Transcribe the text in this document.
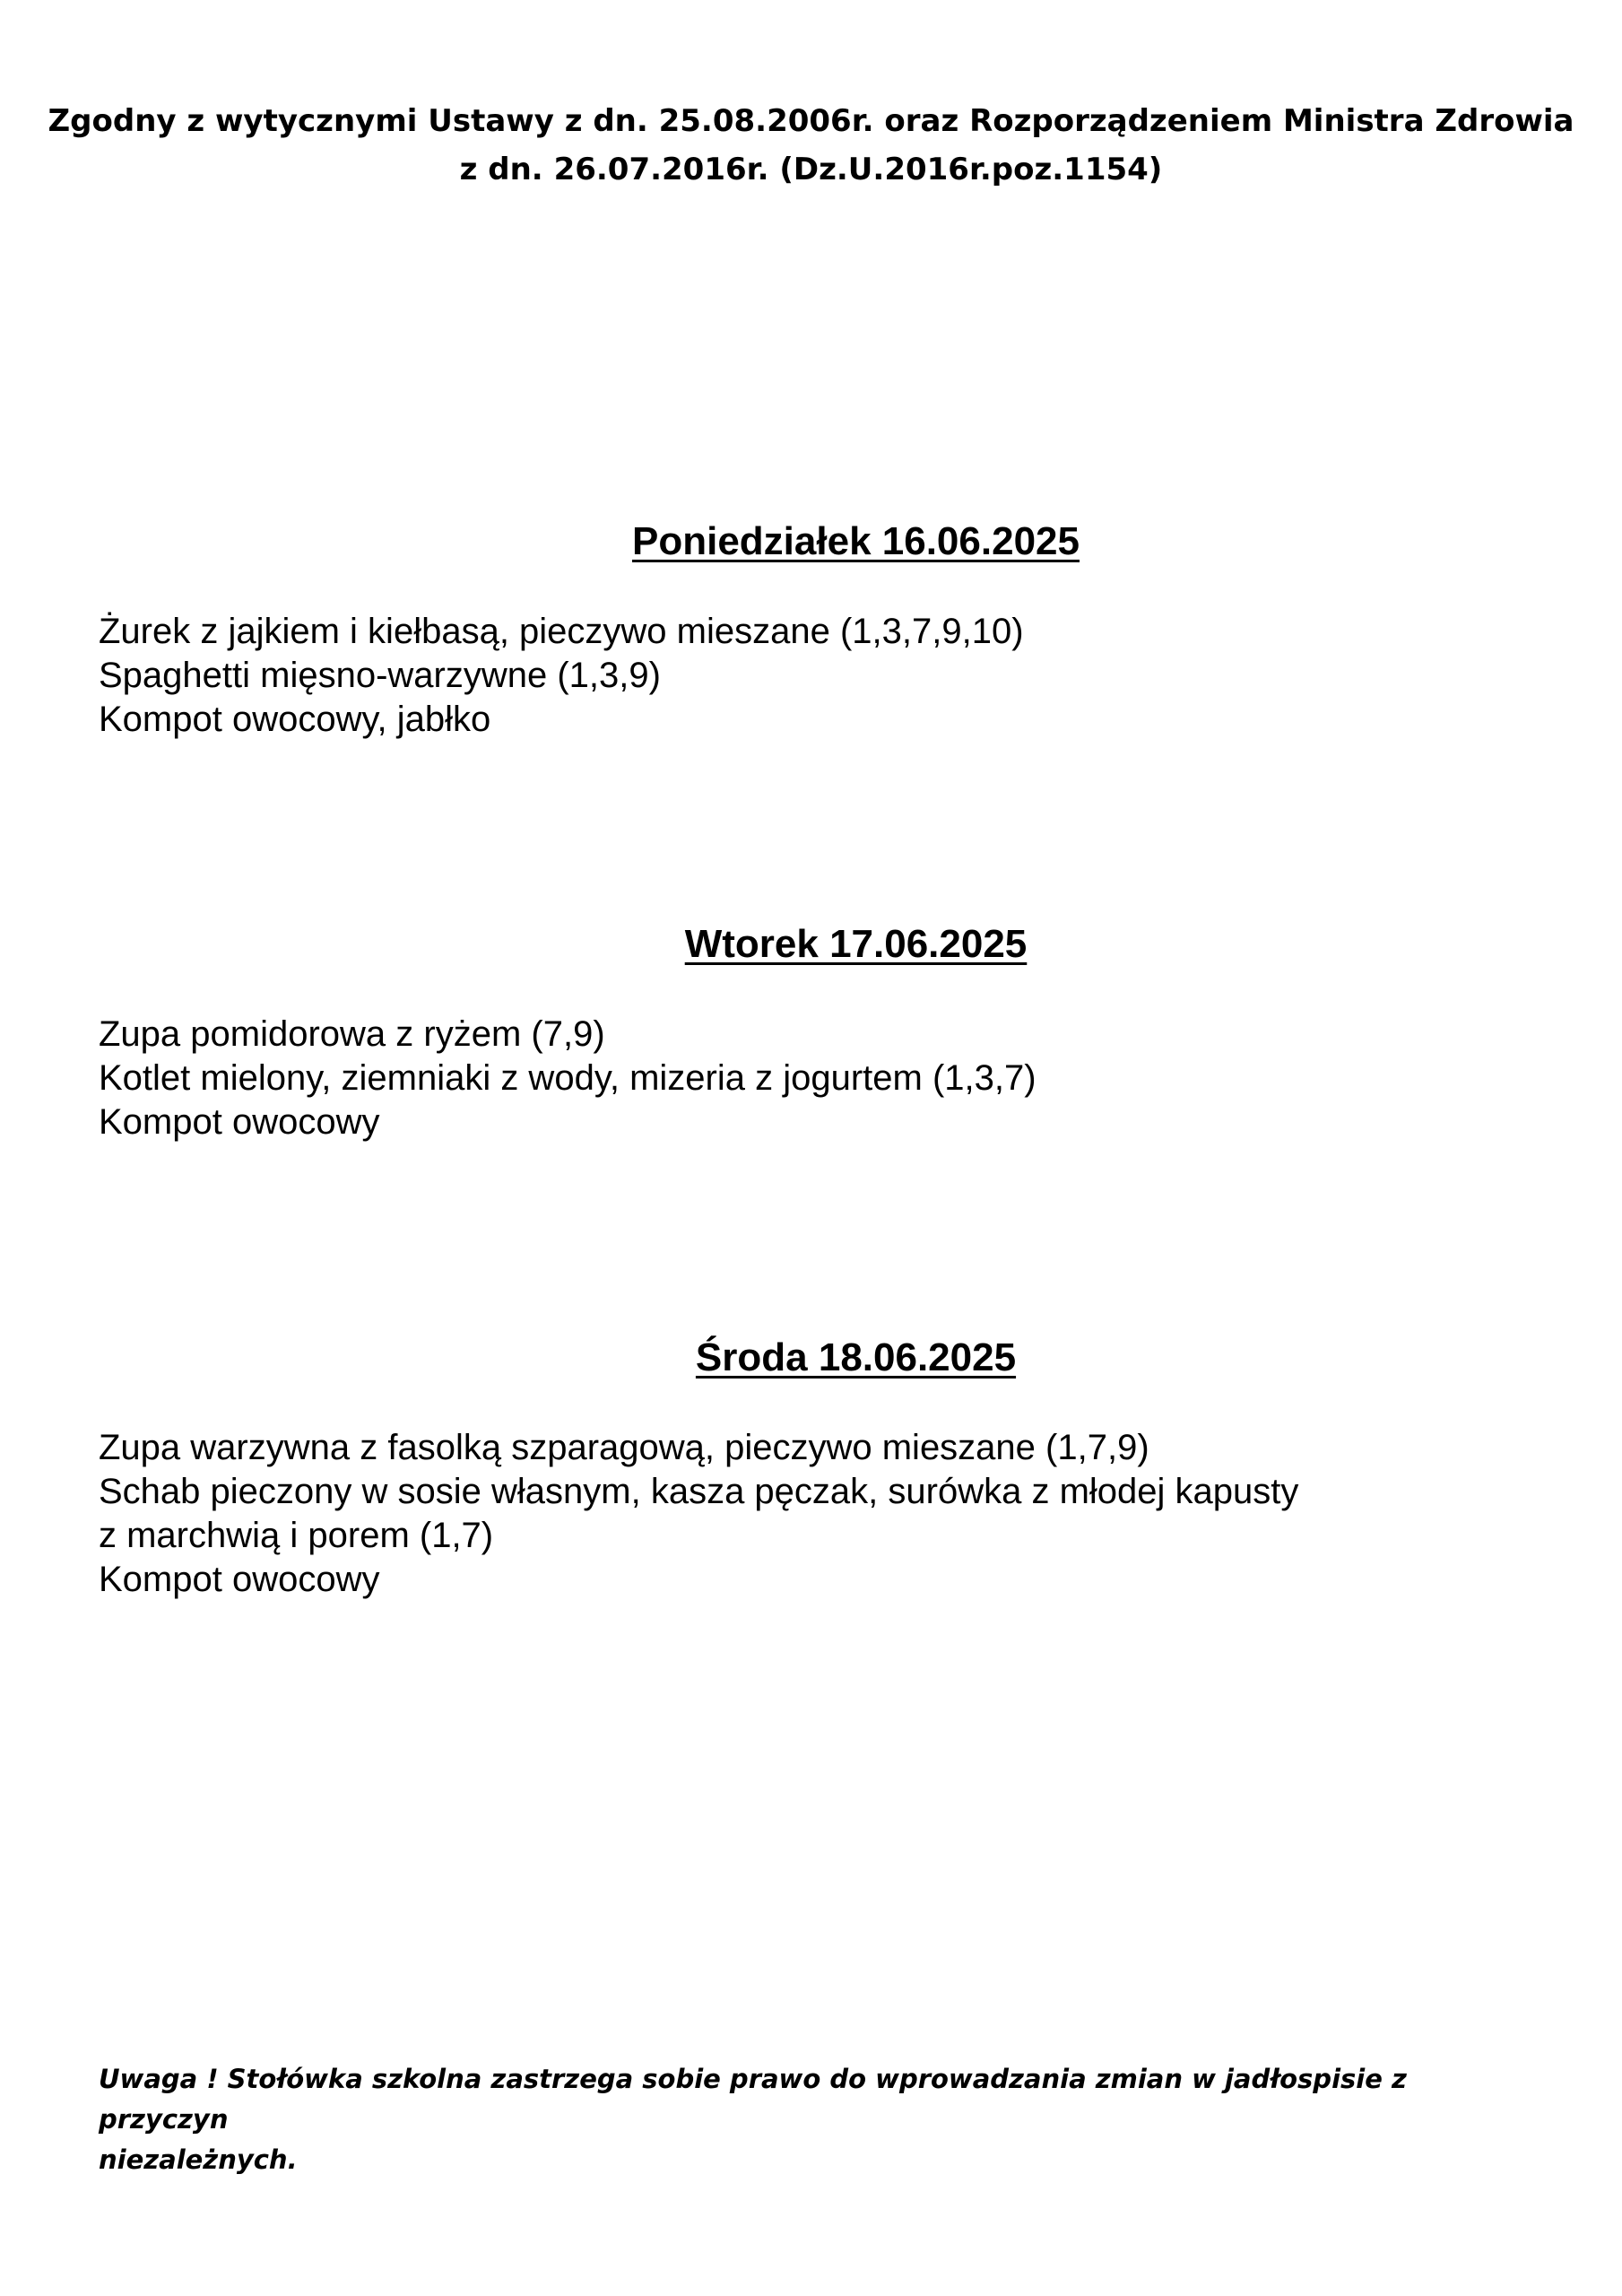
Zgodny z wytycznymi Ustawy z dn. 25.08.2006r. oraz Rozporządzeniem Ministra Zdrowia
z dn. 26.07.2016r. (Dz.U.2016r.poz.1154)
Poniedziałek 16.06.2025
Żurek z jajkiem i kiełbasą, pieczywo mieszane (1,3,7,9,10)
Spaghetti mięsno-warzywne (1,3,9)
Kompot owocowy, jabłko
Wtorek 17.06.2025
Zupa pomidorowa z ryżem (7,9)
Kotlet mielony, ziemniaki z wody, mizeria z jogurtem (1,3,7)
Kompot owocowy
Środa 18.06.2025
Zupa warzywna z fasolką szparagową, pieczywo mieszane (1,7,9)
Schab pieczony w sosie własnym, kasza pęczak, surówka z młodej kapusty
z marchwią i porem (1,7)
Kompot owocowy
Uwaga ! Stołówka szkolna zastrzega sobie prawo do wprowadzania zmian w jadłospisie z przyczyn
niezależnych.
